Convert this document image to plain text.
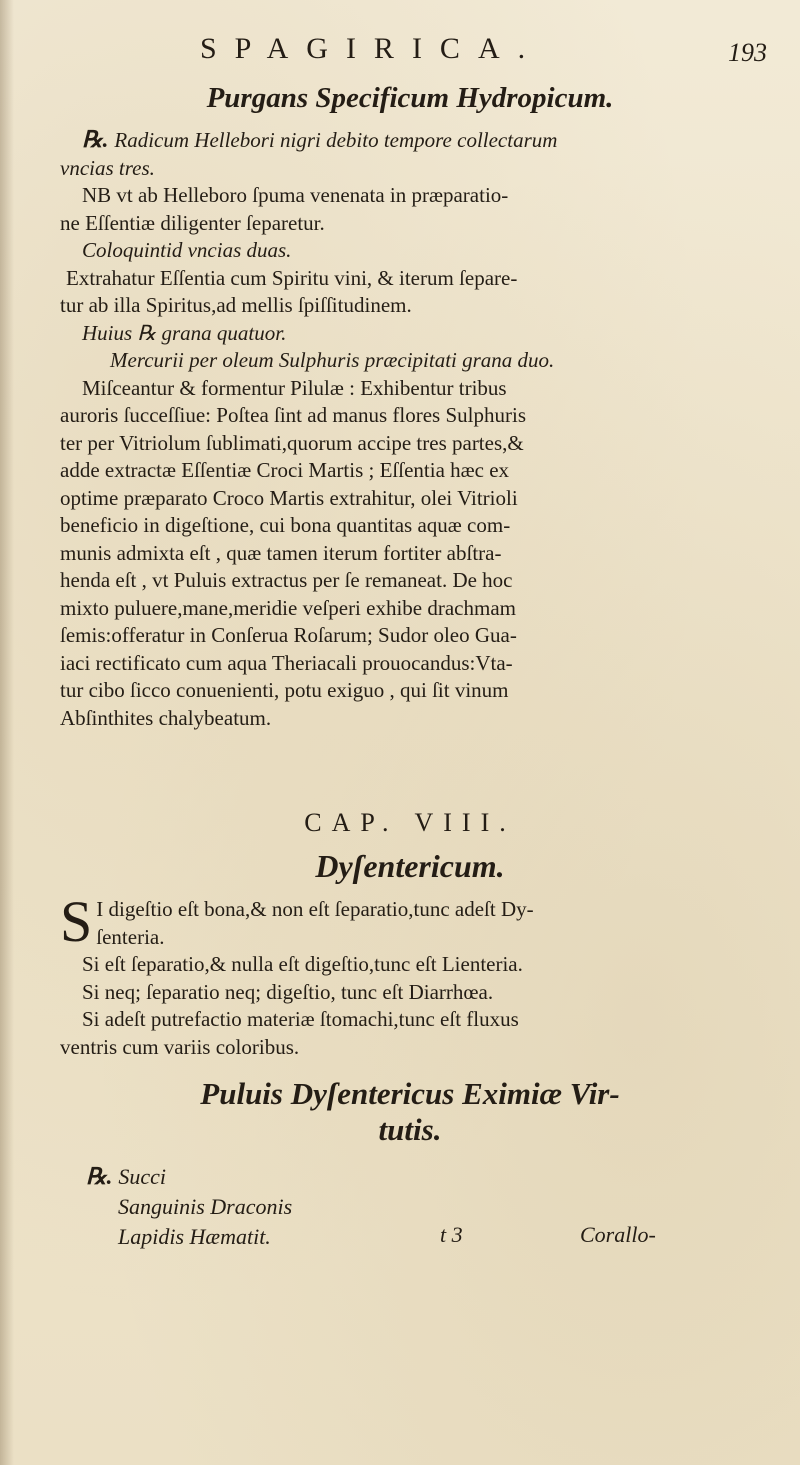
SPAGIRICA.	193
Purgans Specificum Hydropicum.
℞. Radicum Hellebori nigri debito tempore collectarum
vncias tres.
NB vt ab Helleboro ſpuma venenata in præparatio-
ne Eſſentiæ diligenter ſeparetur.
Coloquintid vncias duas.
Extrahatur Eſſentia cum Spiritu vini, & iterum ſepare-
tur ab illa Spiritus,ad mellis ſpiſſitudinem.
Huius ℞ grana quatuor.
Mercurii per oleum Sulphuris præcipitati grana duo.
Miſceantur & formentur Pilulæ : Exhibentur tribus
auroris ſucceſſiue: Poſtea ſint ad manus flores Sulphuris
ter per Vitriolum ſublimati,quorum accipe tres partes,&
adde extractæ Eſſentiæ Croci Martis ; Eſſentia hæc ex
optime præparato Croco Martis extrahitur, olei Vitrioli
beneficio in digeſtione, cui bona quantitas aquæ com-
munis admixta eſt , quæ tamen iterum fortiter abſtra-
henda eſt , vt Puluis extractus per ſe remaneat. De hoc
mixto puluere,mane,meridie veſperi exhibe drachmam
ſemis:offeratur in Conſerua Roſarum; Sudor oleo Gua-
iaci rectificato cum aqua Theriacali prouocandus:Vta-
tur cibo ſicco conuenienti, potu exiguo , qui ſit vinum
Abſinthites chalybeatum.
CAP. VIII.
Dyſentericum.
S I digeſtio eſt bona,& non eſt ſeparatio,tunc adeſt Dy-
ſenteria.
Si eſt ſeparatio,& nulla eſt digeſtio,tunc eſt Lienteria.
Si neq; ſeparatio neq; digeſtio, tunc eſt Diarrhœa.
Si adeſt putrefactio materiæ ſtomachi,tunc eſt fluxus
ventris cum variis coloribus.
Puluis Dyſentericus Eximiæ Vir-
tutis.
℞. Succi
Sanguinis Draconis
Lapidis Hæmatit.	t 3	Corallo-
